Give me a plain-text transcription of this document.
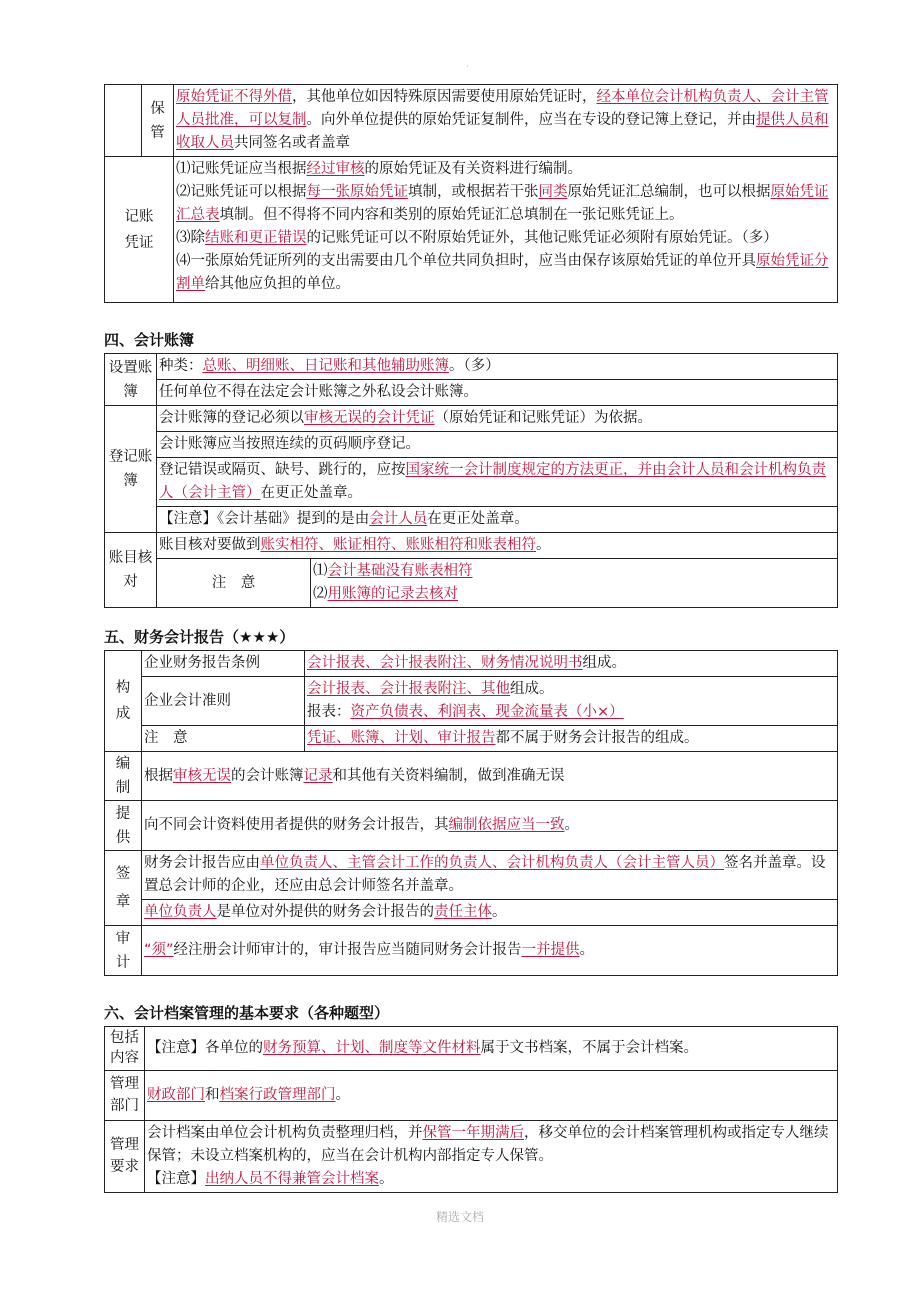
·
	保管	原始凭证不得外借，其他单位如因特殊原因需要使用原始凭证时，经本单位会计机构负责人、会计主管人员批准，可以复制。向外单位提供的原始凭证复制件，应当在专设的登记簿上登记，并由提供人员和收取人员共同签名或者盖章
记账凭证		⑴记账凭证应当根据经过审核的原始凭证及有关资料进行编制。
⑵记账凭证可以根据每一张原始凭证填制，或根据若干张同类原始凭证汇总编制，也可以根据原始凭证汇总表填制。但不得将不同内容和类别的原始凭证汇总填制在一张记账凭证上。
⑶除结账和更正错误的记账凭证可以不附原始凭证外，其他记账凭证必须附有原始凭证。（多）
⑷一张原始凭证所列的支出需要由几个单位共同负担时，应当由保存该原始凭证的单位开具原始凭证分割单给其他应负担的单位。
四、会计账簿
设置账簿	种类：总账、明细账、日记账和其他辅助账簿。（多）	
	任何单位不得在法定会计账簿之外私设会计账簿。	
登记账簿	会计账簿的登记必须以审核无误的会计凭证（原始凭证和记账凭证）为依据。	
	会计账簿应当按照连续的页码顺序登记。	
	登记错误或隔页、缺号、跳行的，应按国家统一会计制度规定的方法更正，并由会计人员和会计机构负责人（会计主管）在更正处盖章。	
	【注意】《会计基础》提到的是由会计人员在更正处盖章。	
账目核对	账目核对要做到账实相符、账证相符、账账相符和账表相符。	
	注　意	⑴会计基础没有账表相符
⑵用账簿的记录去核对
五、财务会计报告（★★★）
构成	企业财务报告条例	会计报表、会计报表附注、财务情况说明书组成。
	企业会计准则	会计报表、会计报表附注、其他组成。
报表：资产负债表、利润表、现金流量表（小×）

	注　意	凭证、账簿、计划、审计报告都不属于财务会计报告的组成。
编制	根据审核无误的会计账簿记录和其他有关资料编制，做到准确无误	
提供	向不同会计资料使用者提供的财务会计报告，其编制依据应当一致。	
签章	财务会计报告应由单位负责人、主管会计工作的负责人、会计机构负责人（会计主管人员）签名并盖章。设置总会计师的企业，还应由总会计师签名并盖章。	
	单位负责人是单位对外提供的财务会计报告的责任主体。	
审计	“须”经注册会计师审计的，审计报告应当随同财务会计报告一并提供。	
六、会计档案管理的基本要求（各种题型）
包括内容	【注意】各单位的财务预算、计划、制度等文件材料属于文书档案，不属于会计档案。
管理部门	财政部门和档案行政管理部门。
管理要求	会计档案由单位会计机构负责整理归档，并保管一年期满后，移交单位的会计档案管理机构或指定专人继续保管；未设立档案机构的，应当在会计机构内部指定专人保管。
【注意】出纳人员不得兼管会计档案。
精选文档
